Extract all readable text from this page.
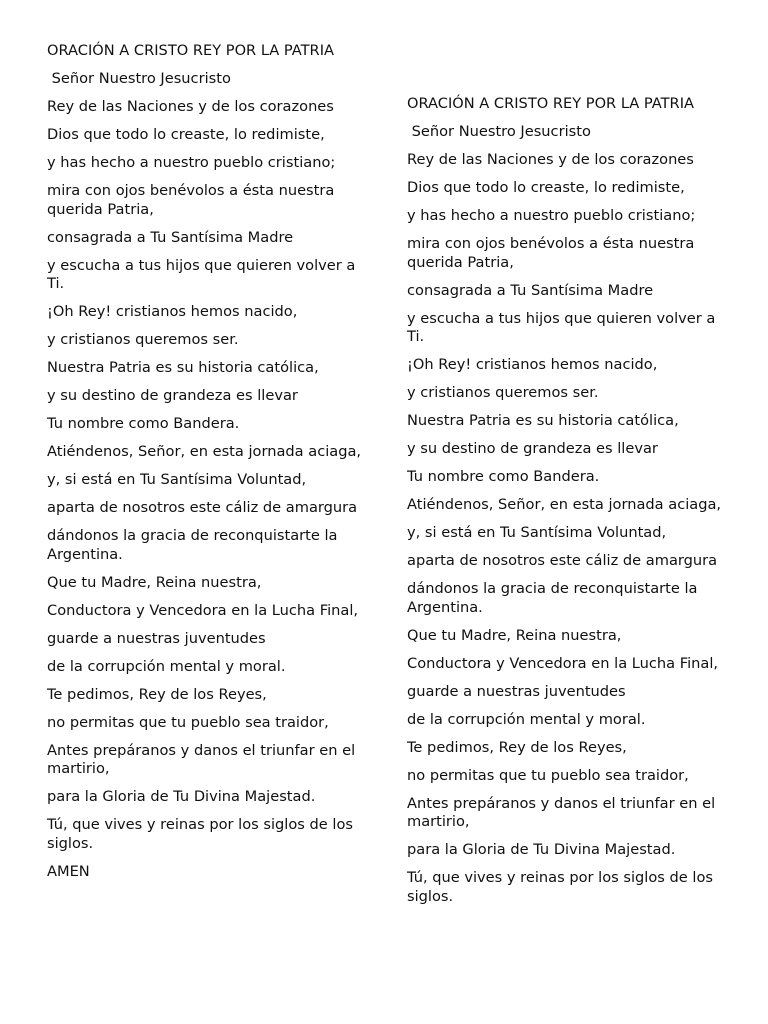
ORACIÓN A CRISTO REY POR LA PATRIA
Señor Nuestro Jesucristo
Rey de las Naciones y de los corazones
Dios que todo lo creaste, lo redimiste,
y has hecho a nuestro pueblo cristiano;
mira con ojos benévolos a ésta nuestra querida Patria,
consagrada a Tu Santísima Madre
y escucha a tus hijos que quieren volver a Ti.
¡Oh Rey! cristianos hemos nacido,
y cristianos queremos ser.
Nuestra Patria es su historia católica,
y su destino de grandeza es llevar
Tu nombre como Bandera.
Atiéndenos, Señor, en esta jornada aciaga,
y, si está en Tu Santísima Voluntad,
aparta de nosotros este cáliz de amargura
dándonos la gracia de reconquistarte la Argentina.
Que tu Madre, Reina nuestra,
Conductora y Vencedora en la Lucha Final,
guarde a nuestras juventudes
de la corrupción mental y moral.
Te pedimos, Rey de los Reyes,
no permitas que tu pueblo sea traidor,
Antes prepáranos y danos el triunfar en el martirio,
para la Gloria de Tu Divina Majestad.
Tú, que vives y reinas por los siglos de los siglos.
AMEN
ORACIÓN A CRISTO REY POR LA PATRIA
Señor Nuestro Jesucristo
Rey de las Naciones y de los corazones
Dios que todo lo creaste, lo redimiste,
y has hecho a nuestro pueblo cristiano;
mira con ojos benévolos a ésta nuestra querida Patria,
consagrada a Tu Santísima Madre
y escucha a tus hijos que quieren volver a Ti.
¡Oh Rey! cristianos hemos nacido,
y cristianos queremos ser.
Nuestra Patria es su historia católica,
y su destino de grandeza es llevar
Tu nombre como Bandera.
Atiéndenos, Señor, en esta jornada aciaga,
y, si está en Tu Santísima Voluntad,
aparta de nosotros este cáliz de amargura
dándonos la gracia de reconquistarte la Argentina.
Que tu Madre, Reina nuestra,
Conductora y Vencedora en la Lucha Final,
guarde a nuestras juventudes
de la corrupción mental y moral.
Te pedimos, Rey de los Reyes,
no permitas que tu pueblo sea traidor,
Antes prepáranos y danos el triunfar en el martirio,
para la Gloria de Tu Divina Majestad.
Tú, que vives y reinas por los siglos de los siglos.
